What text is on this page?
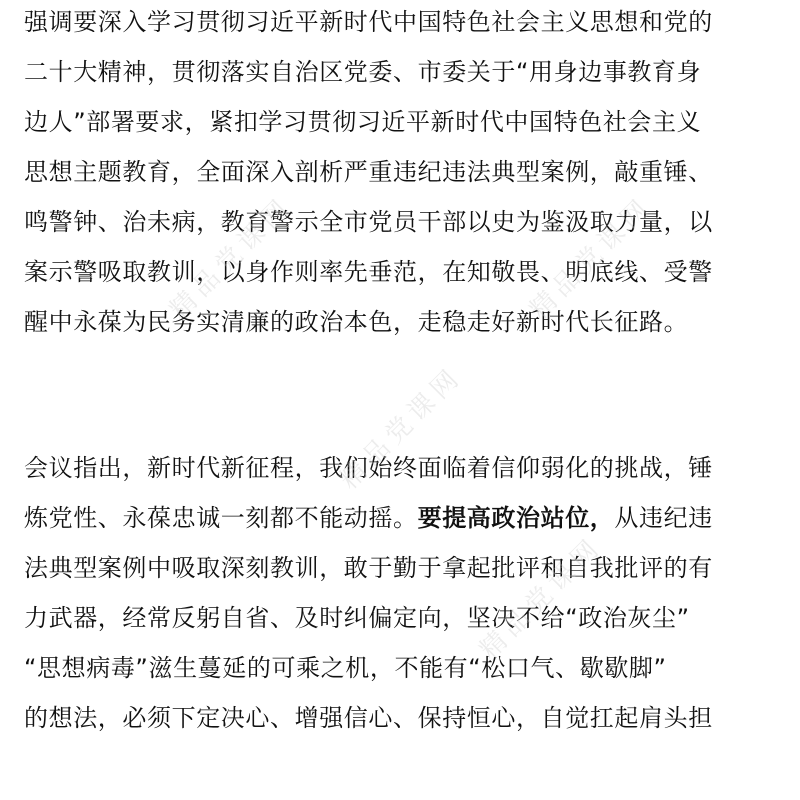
强调要深入学习贯彻习近平新时代中国特色社会主义思想和党的
二十大精神，贯彻落实自治区党委、市委关于“用身边事教育身
边人”部署要求，紧扣学习贯彻习近平新时代中国特色社会主义
思想主题教育，全面深入剖析严重违纪违法典型案例，敲重锤、
鸣警钟、治未病，教育警示全市党员干部以史为鉴汲取力量，以
案示警吸取教训，以身作则率先垂范，在知敬畏、明底线、受警
醒中永葆为民务实清廉的政治本色，走稳走好新时代长征路。
会议指出，新时代新征程，我们始终面临着信仰弱化的挑战，锤
炼党性、永葆忠诚一刻都不能动摇。要提高政治站位，从违纪违
法典型案例中吸取深刻教训，敢于勤于拿起批评和自我批评的有
力武器，经常反躬自省、及时纠偏定向，坚决不给“政治灰尘”
“思想病毒”滋生蔓延的可乘之机，不能有“松口气、歇歇脚”
的想法，必须下定决心、增强信心、保持恒心，自觉扛起肩头担
精品党课网	精品党课网
精品党课网
精品党课网
